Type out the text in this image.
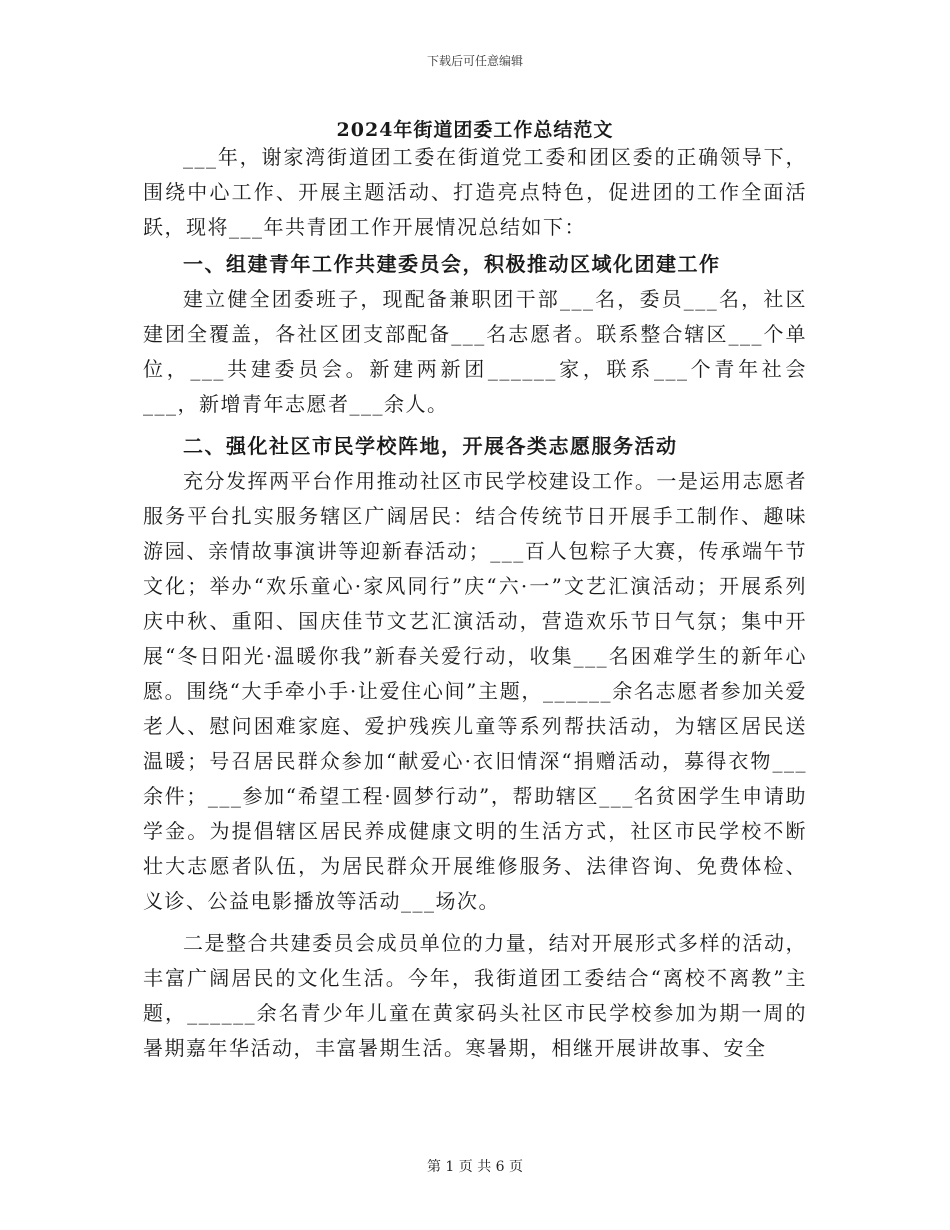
下载后可任意编辑
2024年街道团委工作总结范文

___年，谢家湾街道团工委在街道党工委和团区委的正确领导下，围绕中心工作、开展主题活动、打造亮点特色，促进团的工作全面活跃，现将___年共青团工作开展情况总结如下：

一、组建青年工作共建委员会，积极推动区域化团建工作

建立健全团委班子，现配备兼职团干部___名，委员___名，社区建团全覆盖，各社区团支部配备___名志愿者。联系整合辖区___个单位，___共建委员会。新建两新团______家，联系___个青年社会___，新增青年志愿者___余人。

二、强化社区市民学校阵地，开展各类志愿服务活动

充分发挥两平台作用推动社区市民学校建设工作。一是运用志愿者服务平台扎实服务辖区广阔居民：结合传统节日开展手工制作、趣味游园、亲情故事演讲等迎新春活动；___百人包粽子大赛，传承端午节文化；举办“欢乐童心·家风同行”庆“六·一”文艺汇演活动；开展系列庆中秋、重阳、国庆佳节文艺汇演活动，营造欢乐节日气氛；集中开展“冬日阳光·温暖你我”新春关爱行动，收集___名困难学生的新年心愿。围绕“大手牵小手·让爱住心间”主题，______余名志愿者参加关爱老人、慰问困难家庭、爱护残疾儿童等系列帮扶活动，为辖区居民送温暖；号召居民群众参加“献爱心·衣旧情深“捐赠活动，募得衣物___余件；___参加“希望工程·圆梦行动”，帮助辖区___名贫困学生申请助学金。为提倡辖区居民养成健康文明的生活方式，社区市民学校不断壮大志愿者队伍，为居民群众开展维修服务、法律咨询、免费体检、义诊、公益电影播放等活动___场次。

二是整合共建委员会成员单位的力量，结对开展形式多样的活动，丰富广阔居民的文化生活。今年，我街道团工委结合“离校不离教”主题，______余名青少年儿童在黄家码头社区市民学校参加为期一周的暑期嘉年华活动，丰富暑期生活。寒暑期，相继开展讲故事、安全

第 1 页 共 6 页
